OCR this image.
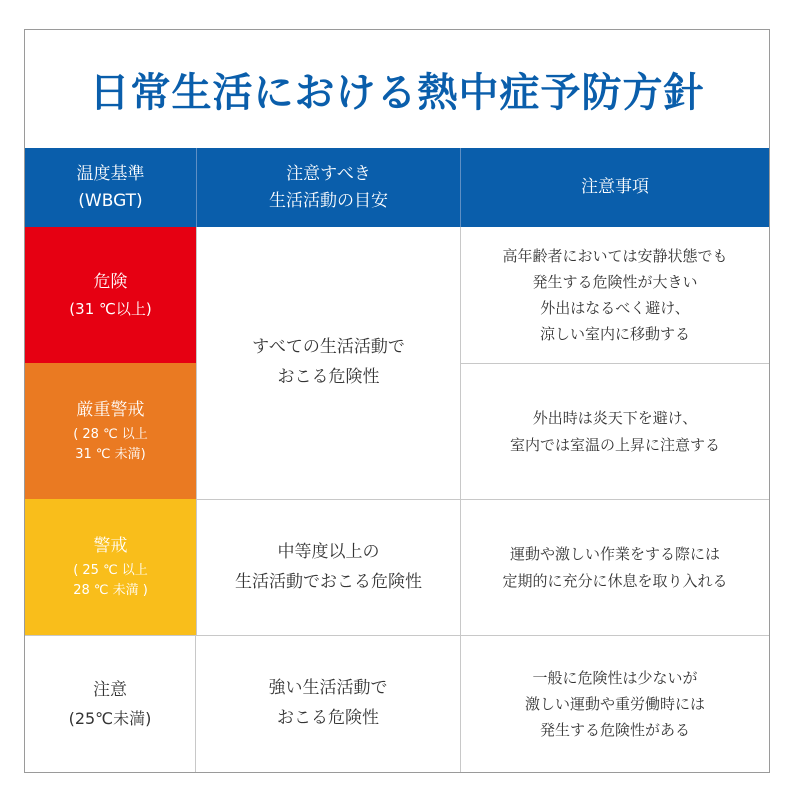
日常生活における熱中症予防方針
温度基準
(WBGT)
注意すべき
生活活動の目安
注意事項
危険
(31 ℃以上)
すべての生活活動で
おこる危険性
高年齢者においては安静状態でも
発生する危険性が大きい
外出はなるべく避け、
涼しい室内に移動する
厳重警戒
( 28 ℃ 以上
31 ℃ 未満)
外出時は炎天下を避け、
室内では室温の上昇に注意する
警戒
( 25 ℃ 以上
28 ℃ 未満 )
中等度以上の
生活活動でおこる危険性
運動や激しい作業をする際には
定期的に充分に休息を取り入れる
注意
(25℃未満)
強い生活活動で
おこる危険性
一般に危険性は少ないが
激しい運動や重労働時には
発生する危険性がある
